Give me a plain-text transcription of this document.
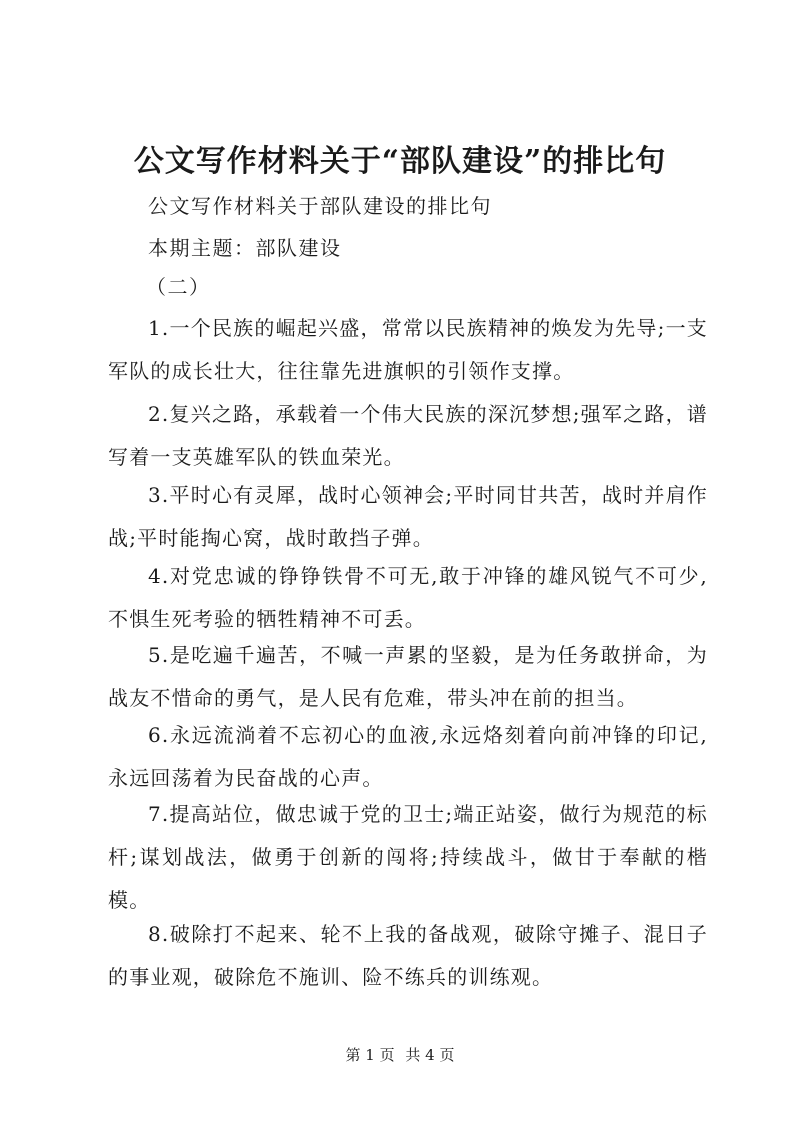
公文写作材料关于“部队建设”的排比句
公文写作材料关于部队建设的排比句
本期主题：部队建设
（二）

1.一个民族的崛起兴盛，常常以民族精神的焕发为先导;一支军队的成长壮大，往往靠先进旗帜的引领作支撑。

2.复兴之路，承载着一个伟大民族的深沉梦想;强军之路，谱写着一支英雄军队的铁血荣光。

3.平时心有灵犀，战时心领神会;平时同甘共苦，战时并肩作战;平时能掏心窝，战时敢挡子弹。

4.对党忠诚的铮铮铁骨不可无,敢于冲锋的雄风锐气不可少,不惧生死考验的牺牲精神不可丢。

5.是吃遍千遍苦，不喊一声累的坚毅，是为任务敢拼命，为战友不惜命的勇气，是人民有危难，带头冲在前的担当。

6.永远流淌着不忘初心的血液,永远烙刻着向前冲锋的印记,永远回荡着为民奋战的心声。

7.提高站位，做忠诚于党的卫士;端正站姿，做行为规范的标杆;谋划战法，做勇于创新的闯将;持续战斗，做甘于奉献的楷模。

8.破除打不起来、轮不上我的备战观，破除守摊子、混日子的事业观，破除危不施训、险不练兵的训练观。

第 1 页 共 4 页
